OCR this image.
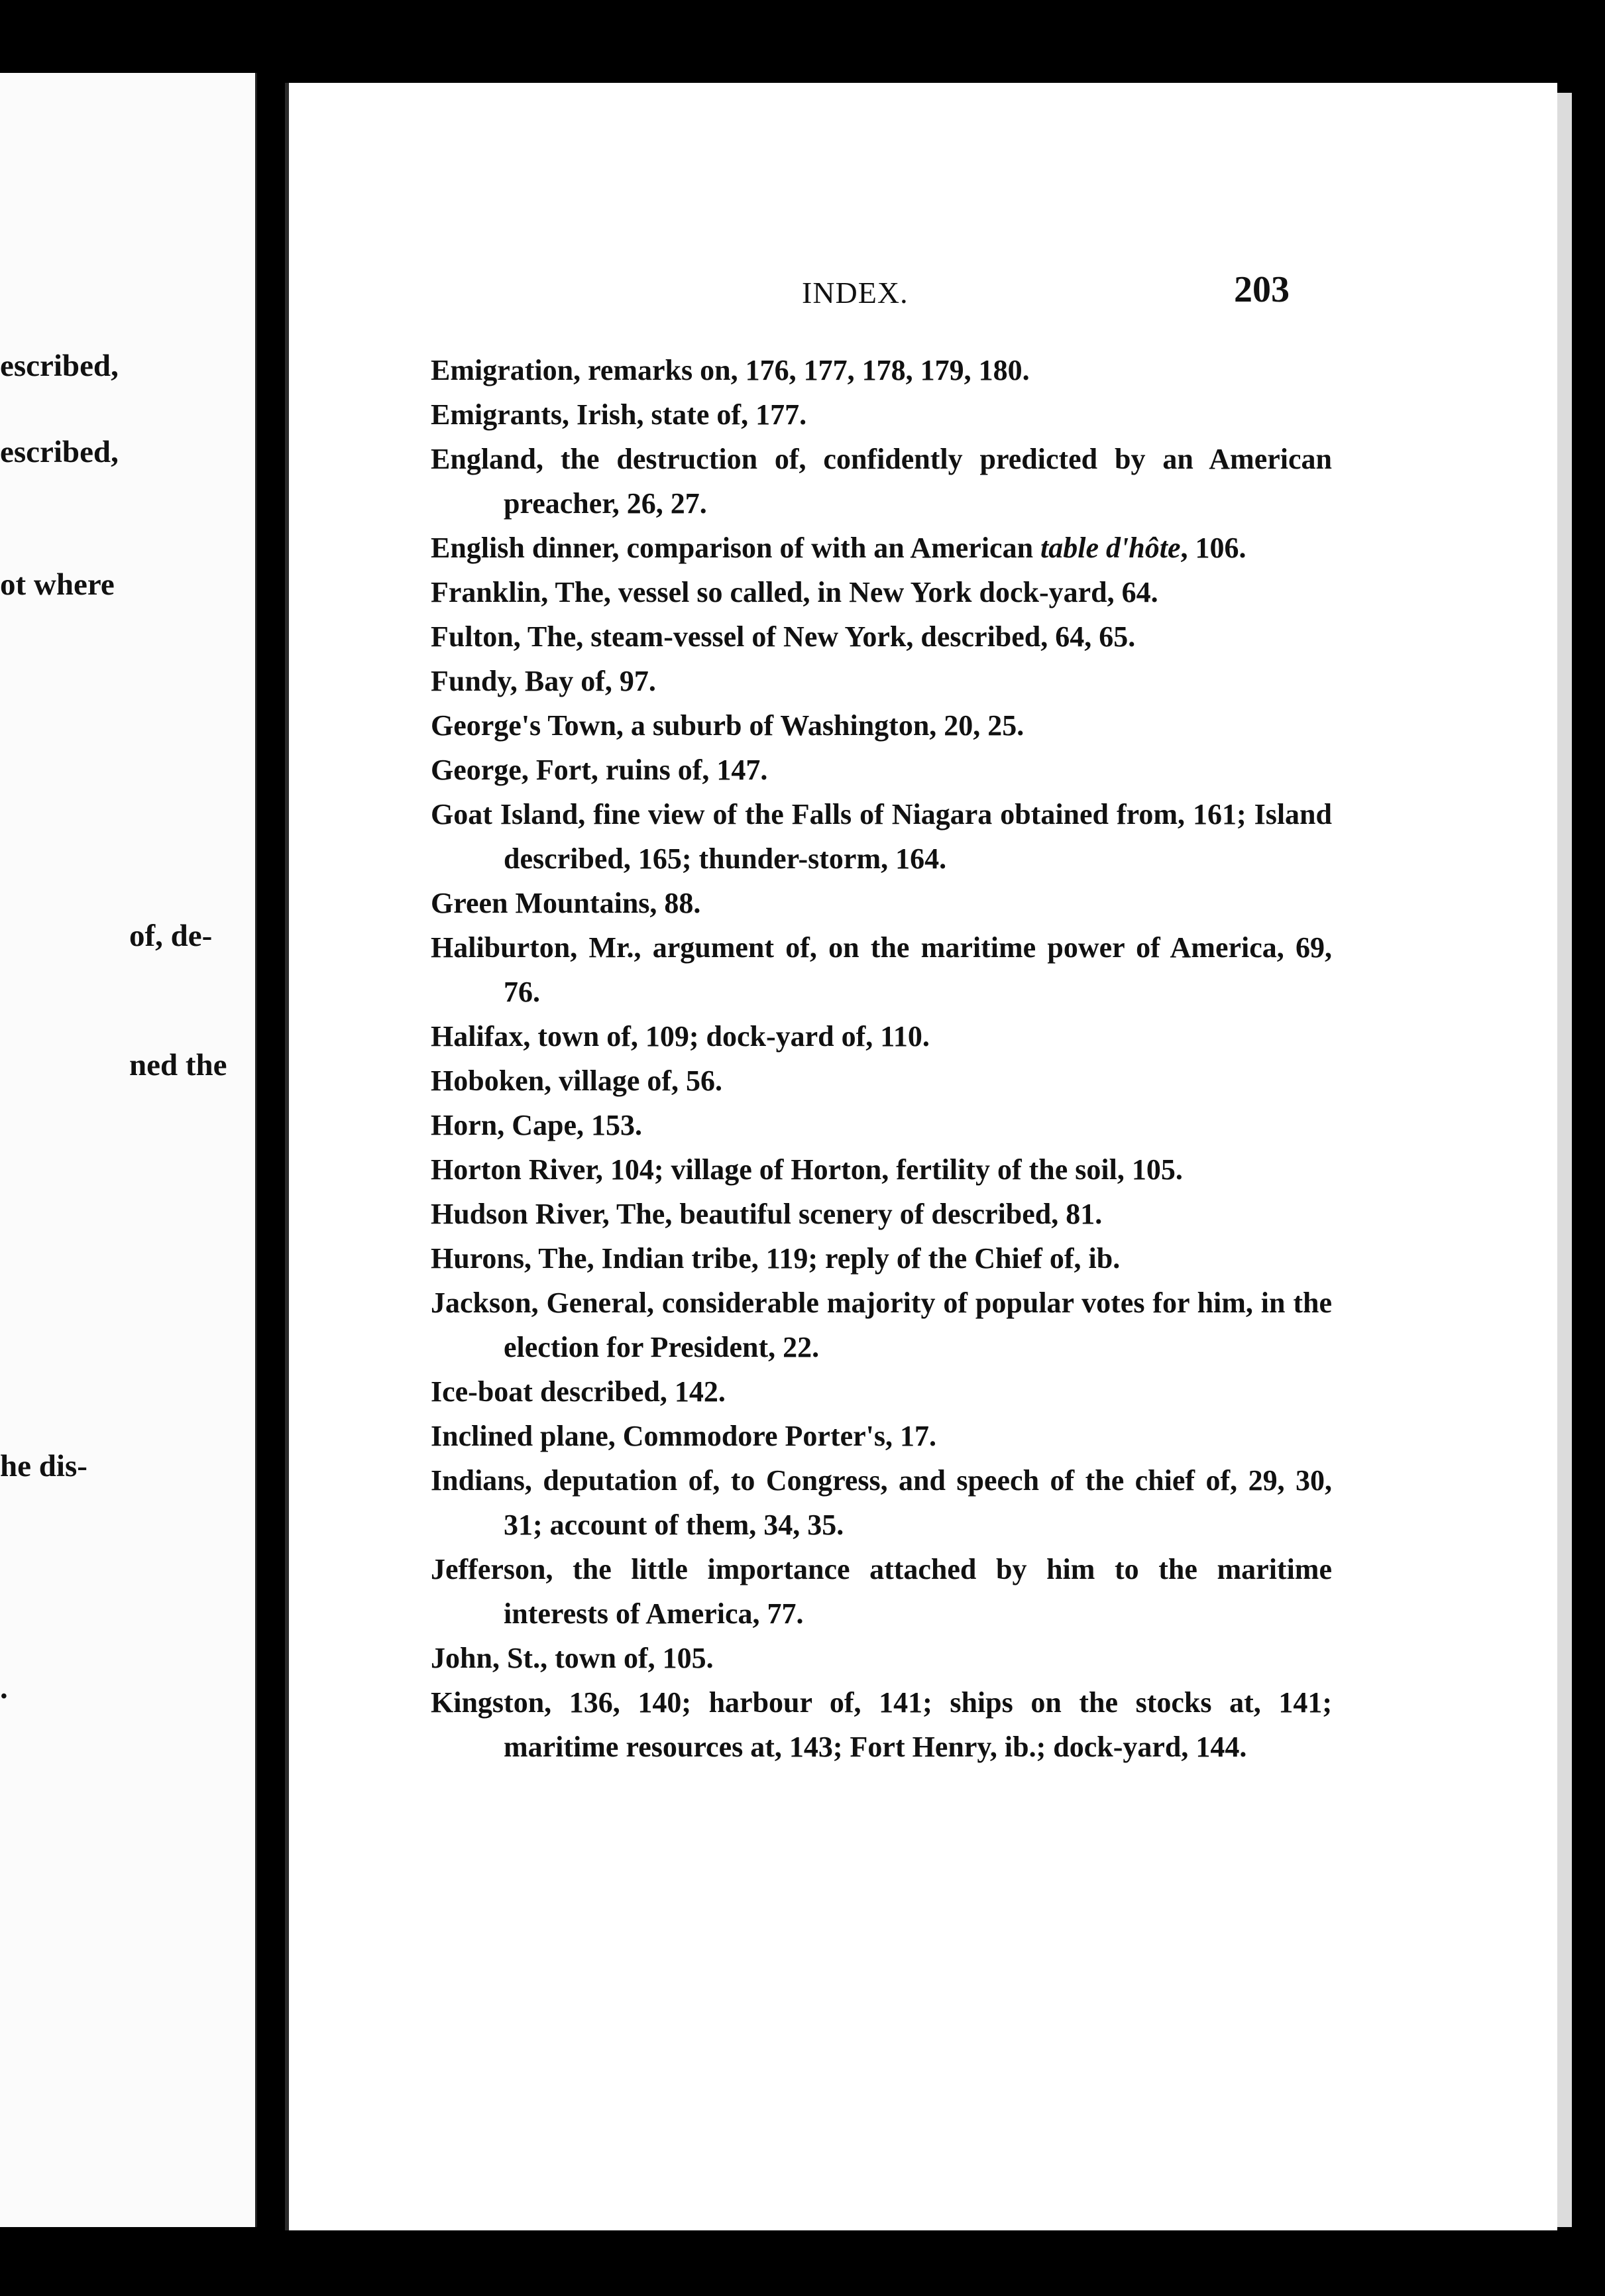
escribed,
escribed,
ot where
of, de-
ned the
he dis-
.
INDEX.	203
Emigration, remarks on, 176, 177, 178, 179, 180.
Emigrants, Irish, state of, 177.
England, the destruction of, confidently predicted by an American preacher, 26, 27.
English dinner, comparison of with an American table d'hôte, 106.
Franklin, The, vessel so called, in New York dock-yard, 64.
Fulton, The, steam-vessel of New York, described, 64, 65.
Fundy, Bay of, 97.
George's Town, a suburb of Washington, 20, 25.
George, Fort, ruins of, 147.
Goat Island, fine view of the Falls of Niagara obtained from, 161; Island described, 165; thunder-storm, 164.
Green Mountains, 88.
Haliburton, Mr., argument of, on the maritime power of America, 69, 76.
Halifax, town of, 109; dock-yard of, 110.
Hoboken, village of, 56.
Horn, Cape, 153.
Horton River, 104; village of Horton, fertility of the soil, 105.
Hudson River, The, beautiful scenery of described, 81.
Hurons, The, Indian tribe, 119; reply of the Chief of, ib.
Jackson, General, considerable majority of popular votes for him, in the election for President, 22.
Ice-boat described, 142.
Inclined plane, Commodore Porter's, 17.
Indians, deputation of, to Congress, and speech of the chief of, 29, 30, 31; account of them, 34, 35.
Jefferson, the little importance attached by him to the maritime interests of America, 77.
John, St., town of, 105.
Kingston, 136, 140; harbour of, 141; ships on the stocks at, 141; maritime resources at, 143; Fort Henry, ib.; dock-yard, 144.
